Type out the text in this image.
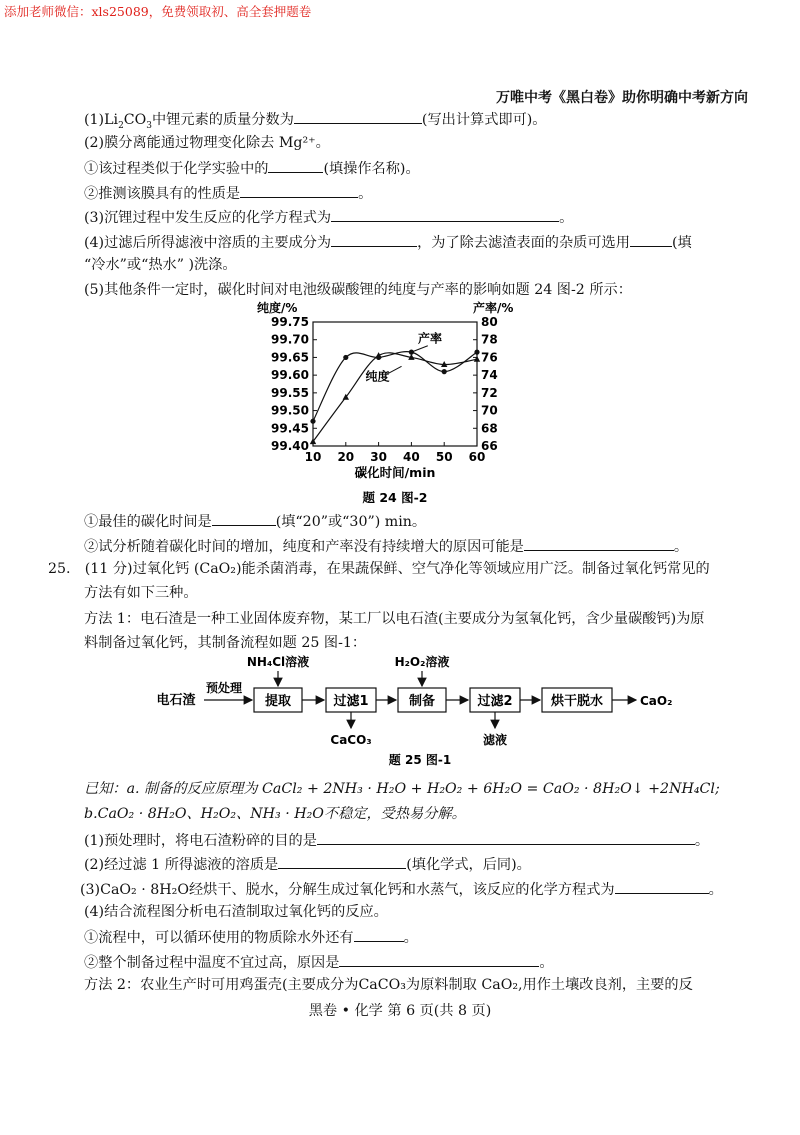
添加老师微信：xls25089，免费领取初、高全套押题卷
万唯中考《黑白卷》助你明确中考新方向
$(1)Li_2CO_3$中锂元素的质量分数为	(写出计算式即可)。
(2)膜分离能通过物理变化除去 Mg²⁺。
①该过程类似于化学实验中的	(填操作名称)。
②推测该膜具有的性质是	。
(3)沉锂过程中发生反应的化学方程式为	。
(4)过滤后所得滤液中溶质的主要成分为	，为了除去滤渣表面的杂质可选用	(填
“冷水”或“热水” )洗涤。
(5)其他条件一定时，碳化时间对电池级碳酸锂的纯度与产率的影响如题 24 图-2 所示：
99.75
99.70
99.65
99.60
99.55
99.50
99.45
99.40
80
78
76
74
72
70
68
66
10 20 30 40 50 60
纯度/%	产率/%
碳化时间/min
题 24 图-2
产率
纯度
①最佳的碳化时间是	(填“20”或“30”) min。
②试分析随着碳化时间的增加，纯度和产率没有持续增大的原因可能是	。
25.　(11 分)过氧化钙 (CaO₂)能杀菌消毒，在果蔬保鲜、空气净化等领域应用广泛。制备过氧化钙常见的
方法有如下三种。
方法 1：电石渣是一种工业固体废弃物，某工厂以电石渣(主要成分为氢氧化钙，含少量碳酸钙)为原
料制备过氧化钙，其制备流程如题 25 图-1：
电石渣
预处理
提取
NH₄Cl溶液
过滤1
CaCO₃
制备
H₂O₂溶液
过滤2
滤液
烘干脱水	CaO₂
题 25 图-1
已知：a. 制备的反应原理为 CaCl₂ + 2NH₃ · H₂O + H₂O₂ + 6H₂O = CaO₂ · 8H₂O↓ +2NH₄Cl;
b.CaO₂ · 8H₂O、H₂O₂、NH₃ · H₂O不稳定，受热易分解。
(1)预处理时，将电石渣粉碎的目的是	。
(2)经过滤 1 所得滤液的溶质是	(填化学式，后同)。
(3)CaO₂ · 8H₂O经烘干、脱水，分解生成过氧化钙和水蒸气，该反应的化学方程式为	。
(4)结合流程图分析电石渣制取过氧化钙的反应。
①流程中，可以循环使用的物质除水外还有	。
②整个制备过程中温度不宜过高，原因是	。
方法 2：农业生产时可用鸡蛋壳(主要成分为CaCO₃为原料制取 CaO₂,用作土壤改良剂，主要的反
黑卷 • 化学 第 6 页(共 8 页)
